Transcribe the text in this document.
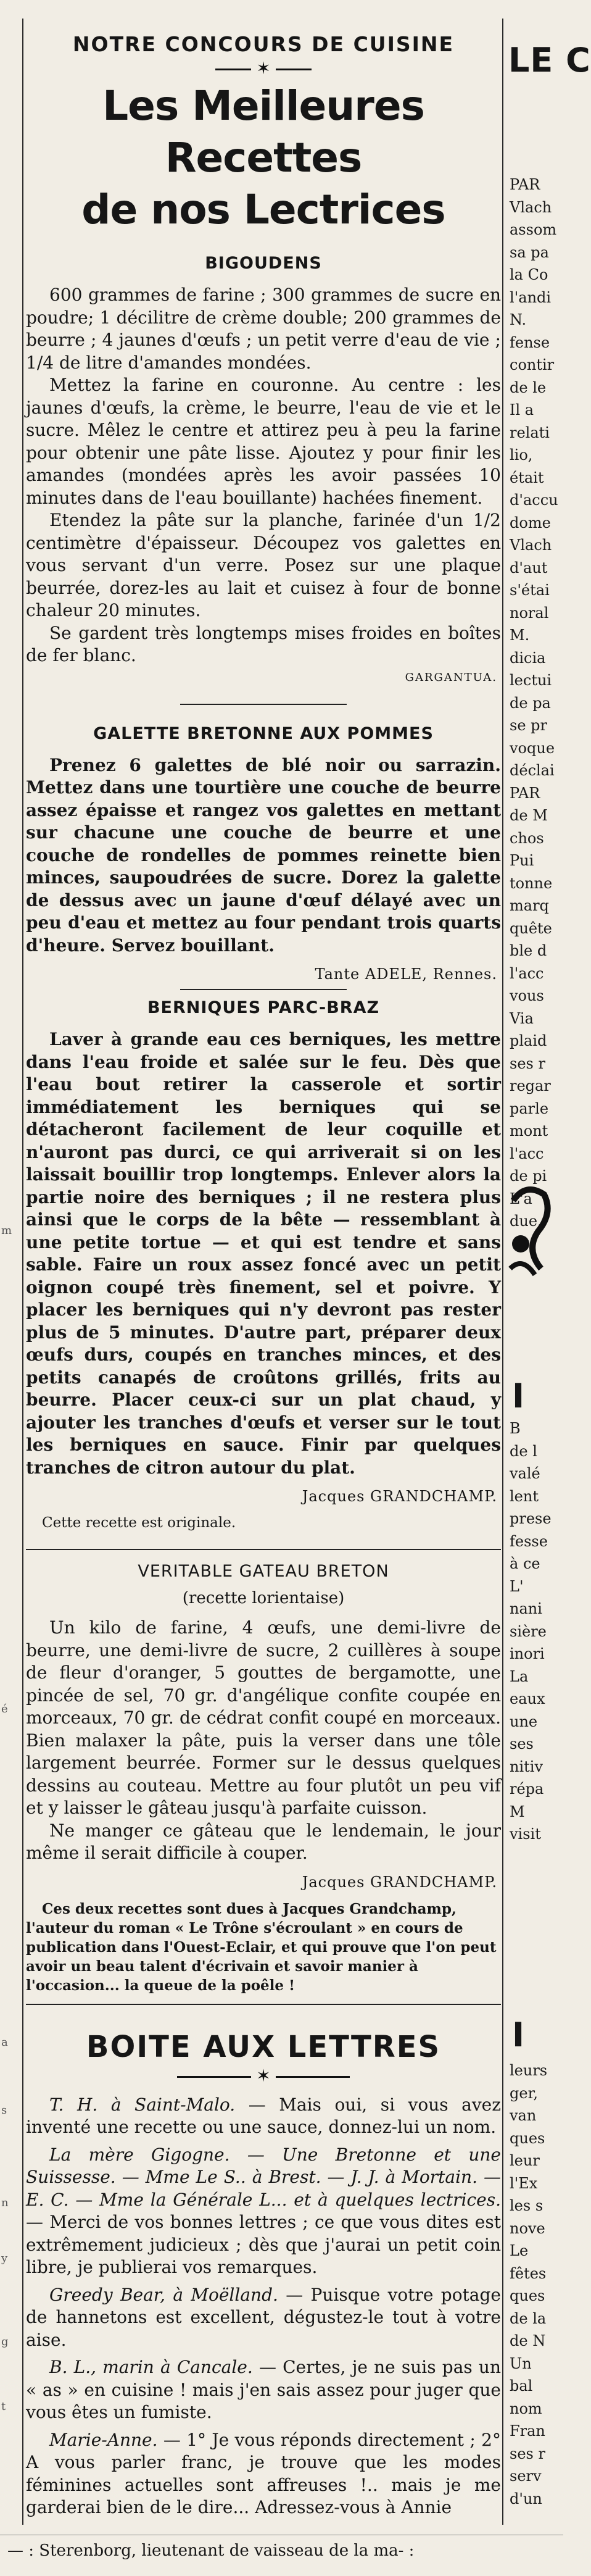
m
é
a
s
n
y
g
t
NOTRE CONCOURS DE CUISINE
✶
Les Meilleures Recettes
de nos Lectrices
BIGOUDENS

600 grammes de farine ; 300 grammes de sucre en poudre; 1 décilitre de crème double; 200 grammes de beurre ; 4 jaunes d'œufs ; un petit verre d'eau de vie ; 1/4 de litre d'amandes mondées.

Mettez la farine en couronne. Au centre : les jaunes d'œufs, la crème, le beurre, l'eau de vie et le sucre. Mêlez le centre et attirez peu à peu la farine pour obtenir une pâte lisse. Ajoutez y pour finir les amandes (mondées après les avoir passées 10 minutes dans de l'eau bouillante) hachées finement.

Etendez la pâte sur la planche, farinée d'un 1/2 centimètre d'épaisseur. Découpez vos galettes en vous servant d'un verre. Posez sur une plaque beurrée, dorez-les au lait et cuisez à four de bonne chaleur 20 minutes.

Se gardent très longtemps mises froides en boîtes de fer blanc.

GARGANTUA.
GALETTE BRETONNE AUX POMMES

Prenez 6 galettes de blé noir ou sarrazin. Mettez dans une tourtière une couche de beurre assez épaisse et rangez vos galettes en mettant sur chacune une couche de beurre et une couche de rondelles de pommes reinette bien minces, saupoudrées de sucre. Dorez la galette de dessus avec un jaune d'œuf délayé avec un peu d'eau et mettez au four pendant trois quarts d'heure. Servez bouillant.

Tante ADELE, Rennes.
BERNIQUES PARC-BRAZ

Laver à grande eau ces berniques, les mettre dans l'eau froide et salée sur le feu. Dès que l'eau bout retirer la casserole et sortir immédiatement les berniques qui se détacheront facilement de leur coquille et n'auront pas durci, ce qui arriverait si on les laissait bouillir trop longtemps. Enlever alors la partie noire des berniques ; il ne restera plus ainsi que le corps de la bête — ressemblant à une petite tortue — et qui est tendre et sans sable. Faire un roux assez foncé avec un petit oignon coupé très finement, sel et poivre. Y placer les berniques qui n'y devront pas rester plus de 5 minutes. D'autre part, préparer deux œufs durs, coupés en tranches minces, et des petits canapés de croûtons grillés, frits au beurre. Placer ceux-ci sur un plat chaud, y ajouter les tranches d'œufs et verser sur le tout les berniques en sauce. Finir par quelques tranches de citron autour du plat.

Jacques GRANDCHAMP.
Cette recette est originale.
VERITABLE GATEAU BRETON
(recette lorientaise)

Un kilo de farine, 4 œufs, une demi-livre de beurre, une demi-livre de sucre, 2 cuillères à soupe de fleur d'oranger, 5 gouttes de bergamotte, une pincée de sel, 70 gr. d'angélique confite coupée en morceaux, 70 gr. de cédrat confit coupé en morceaux. Bien malaxer la pâte, puis la verser dans une tôle largement beurrée. Former sur le dessus quelques dessins au couteau. Mettre au four plutôt un peu vif et y laisser le gâteau jusqu'à parfaite cuisson.

Ne manger ce gâteau que le lendemain, le jour même il serait difficile à couper.

Jacques GRANDCHAMP.
Ces deux recettes sont dues à Jacques Grandchamp, l'auteur du roman « Le Trône s'écroulant » en cours de publication dans l'Ouest-Eclair, et qui prouve que l'on peut avoir un beau talent d'écrivain et savoir manier à l'occasion... la queue de la poêle !
BOITE AUX LETTRES
✶

T. H. à Saint-Malo. — Mais oui, si vous avez inventé une recette ou une sauce, donnez-lui un nom.

La mère Gigogne. — Une Bretonne et une Suissesse. — Mme Le S.. à Brest. — J. J. à Mortain. — E. C. — Mme la Générale L... et à quelques lectrices. — Merci de vos bonnes lettres ; ce que vous dites est extrêmement judicieux ; dès que j'aurai un petit coin libre, je publierai vos remarques.

Greedy Bear, à Moëlland. — Puisque votre potage de hannetons est excellent, dégustez-le tout à votre aise.

B. L., marin à Cancale. — Certes, je ne suis pas un « as » en cuisine ! mais j'en sais assez pour juger que vous êtes un fumiste.

Marie-Anne. — 1° Je vous réponds directement ; 2° A vous parler franc, je trouve que les modes féminines actuelles sont affreuses !.. mais je me garderai bien de le dire... Adressez-vous à Annie

LE C
PAR
Vlach
assom
sa pa
la Co
l'andi
N.
fense
contir
de le
Il a
relati
lio,
était
d'accu
dome
Vlach
d'aut
s'étai
noral
M.
dicia
lectui
de pa
se pr
voque
déclai
PAR
de M
chos
Pui
tonne
marq
quête
ble d
l'acc
vous
Via
plaid
ses r
regar
parle
mont
l'acc
de pi
L'a
due.
B
de l
valé
lent
prese
fesse
à ce
L'
nani
sière
inori
La
eaux
une
ses
nitiv
répa
M
visit
leurs
ger,
van
ques
leur
l'Ex
les s
nove
Le
fêtes
ques
de la
de N
Un
bal
nom
Fran
ses r
serv
d'un
I
I
— : Sterenborg, lieutenant de vaisseau de la ma- :
